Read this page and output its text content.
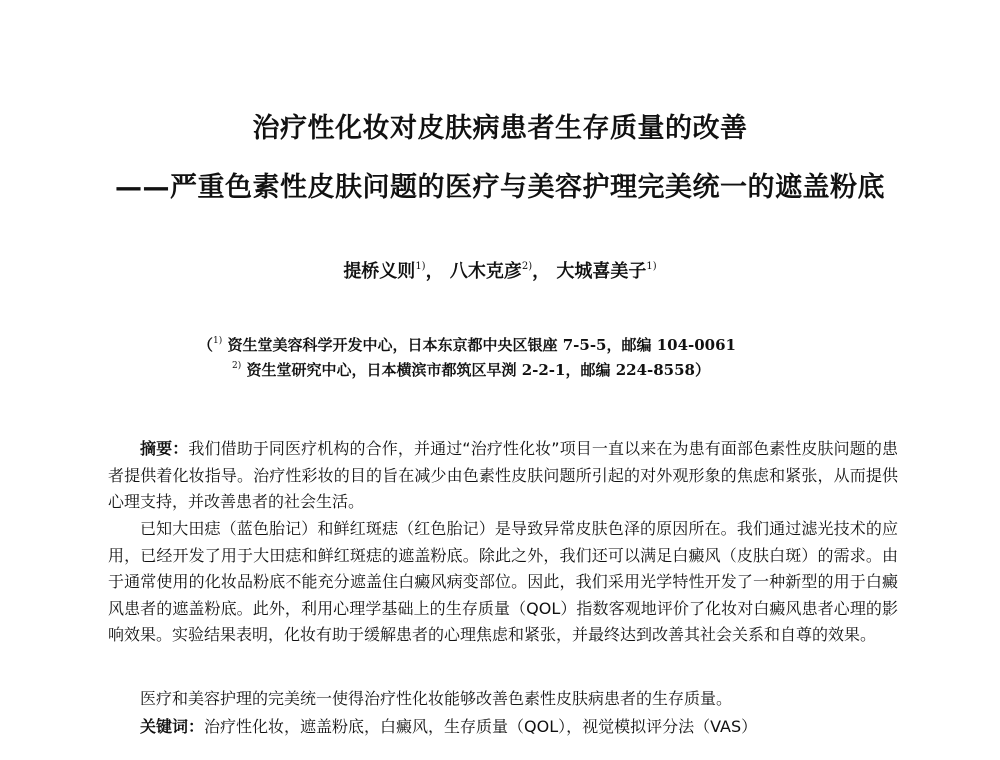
治疗性化妆对皮肤病患者生存质量的改善
——严重色素性皮肤问题的医疗与美容护理完美统一的遮盖粉底
提桥义则$^{1)}$， 八木克彦$^{2)}$， 大城喜美子$^{1)}$
（$^{1)}$ 资生堂美容科学开发中心，日本东京都中央区银座 7-5-5，邮编 104-0061
$^{2)}$ 资生堂研究中心，日本横滨市都筑区早渕 2-2-1，邮编 224-8558）

摘要：我们借助于同医疗机构的合作，并通过“治疗性化妆”项目一直以来在为患有面部色素性皮肤问题的患者提供着化妆指导。治疗性彩妆的目的旨在减少由色素性皮肤问题所引起的对外观形象的焦虑和紧张，从而提供心理支持，并改善患者的社会生活。

已知大田痣（蓝色胎记）和鲜红斑痣（红色胎记）是导致异常皮肤色泽的原因所在。我们通过滤光技术的应用，已经开发了用于大田痣和鲜红斑痣的遮盖粉底。除此之外，我们还可以满足白癜风（皮肤白斑）的需求。由于通常使用的化妆品粉底不能充分遮盖住白癜风病变部位。因此，我们采用光学特性开发了一种新型的用于白癜风患者的遮盖粉底。此外，利用心理学基础上的生存质量（QOL）指数客观地评价了化妆对白癜风患者心理的影响效果。实验结果表明，化妆有助于缓解患者的心理焦虑和紧张，并最终达到改善其社会关系和自尊的效果。

医疗和美容护理的完美统一使得治疗性化妆能够改善色素性皮肤病患者的生存质量。

关键词：治疗性化妆，遮盖粉底，白癜风，生存质量（QOL），视觉模拟评分法（VAS）
